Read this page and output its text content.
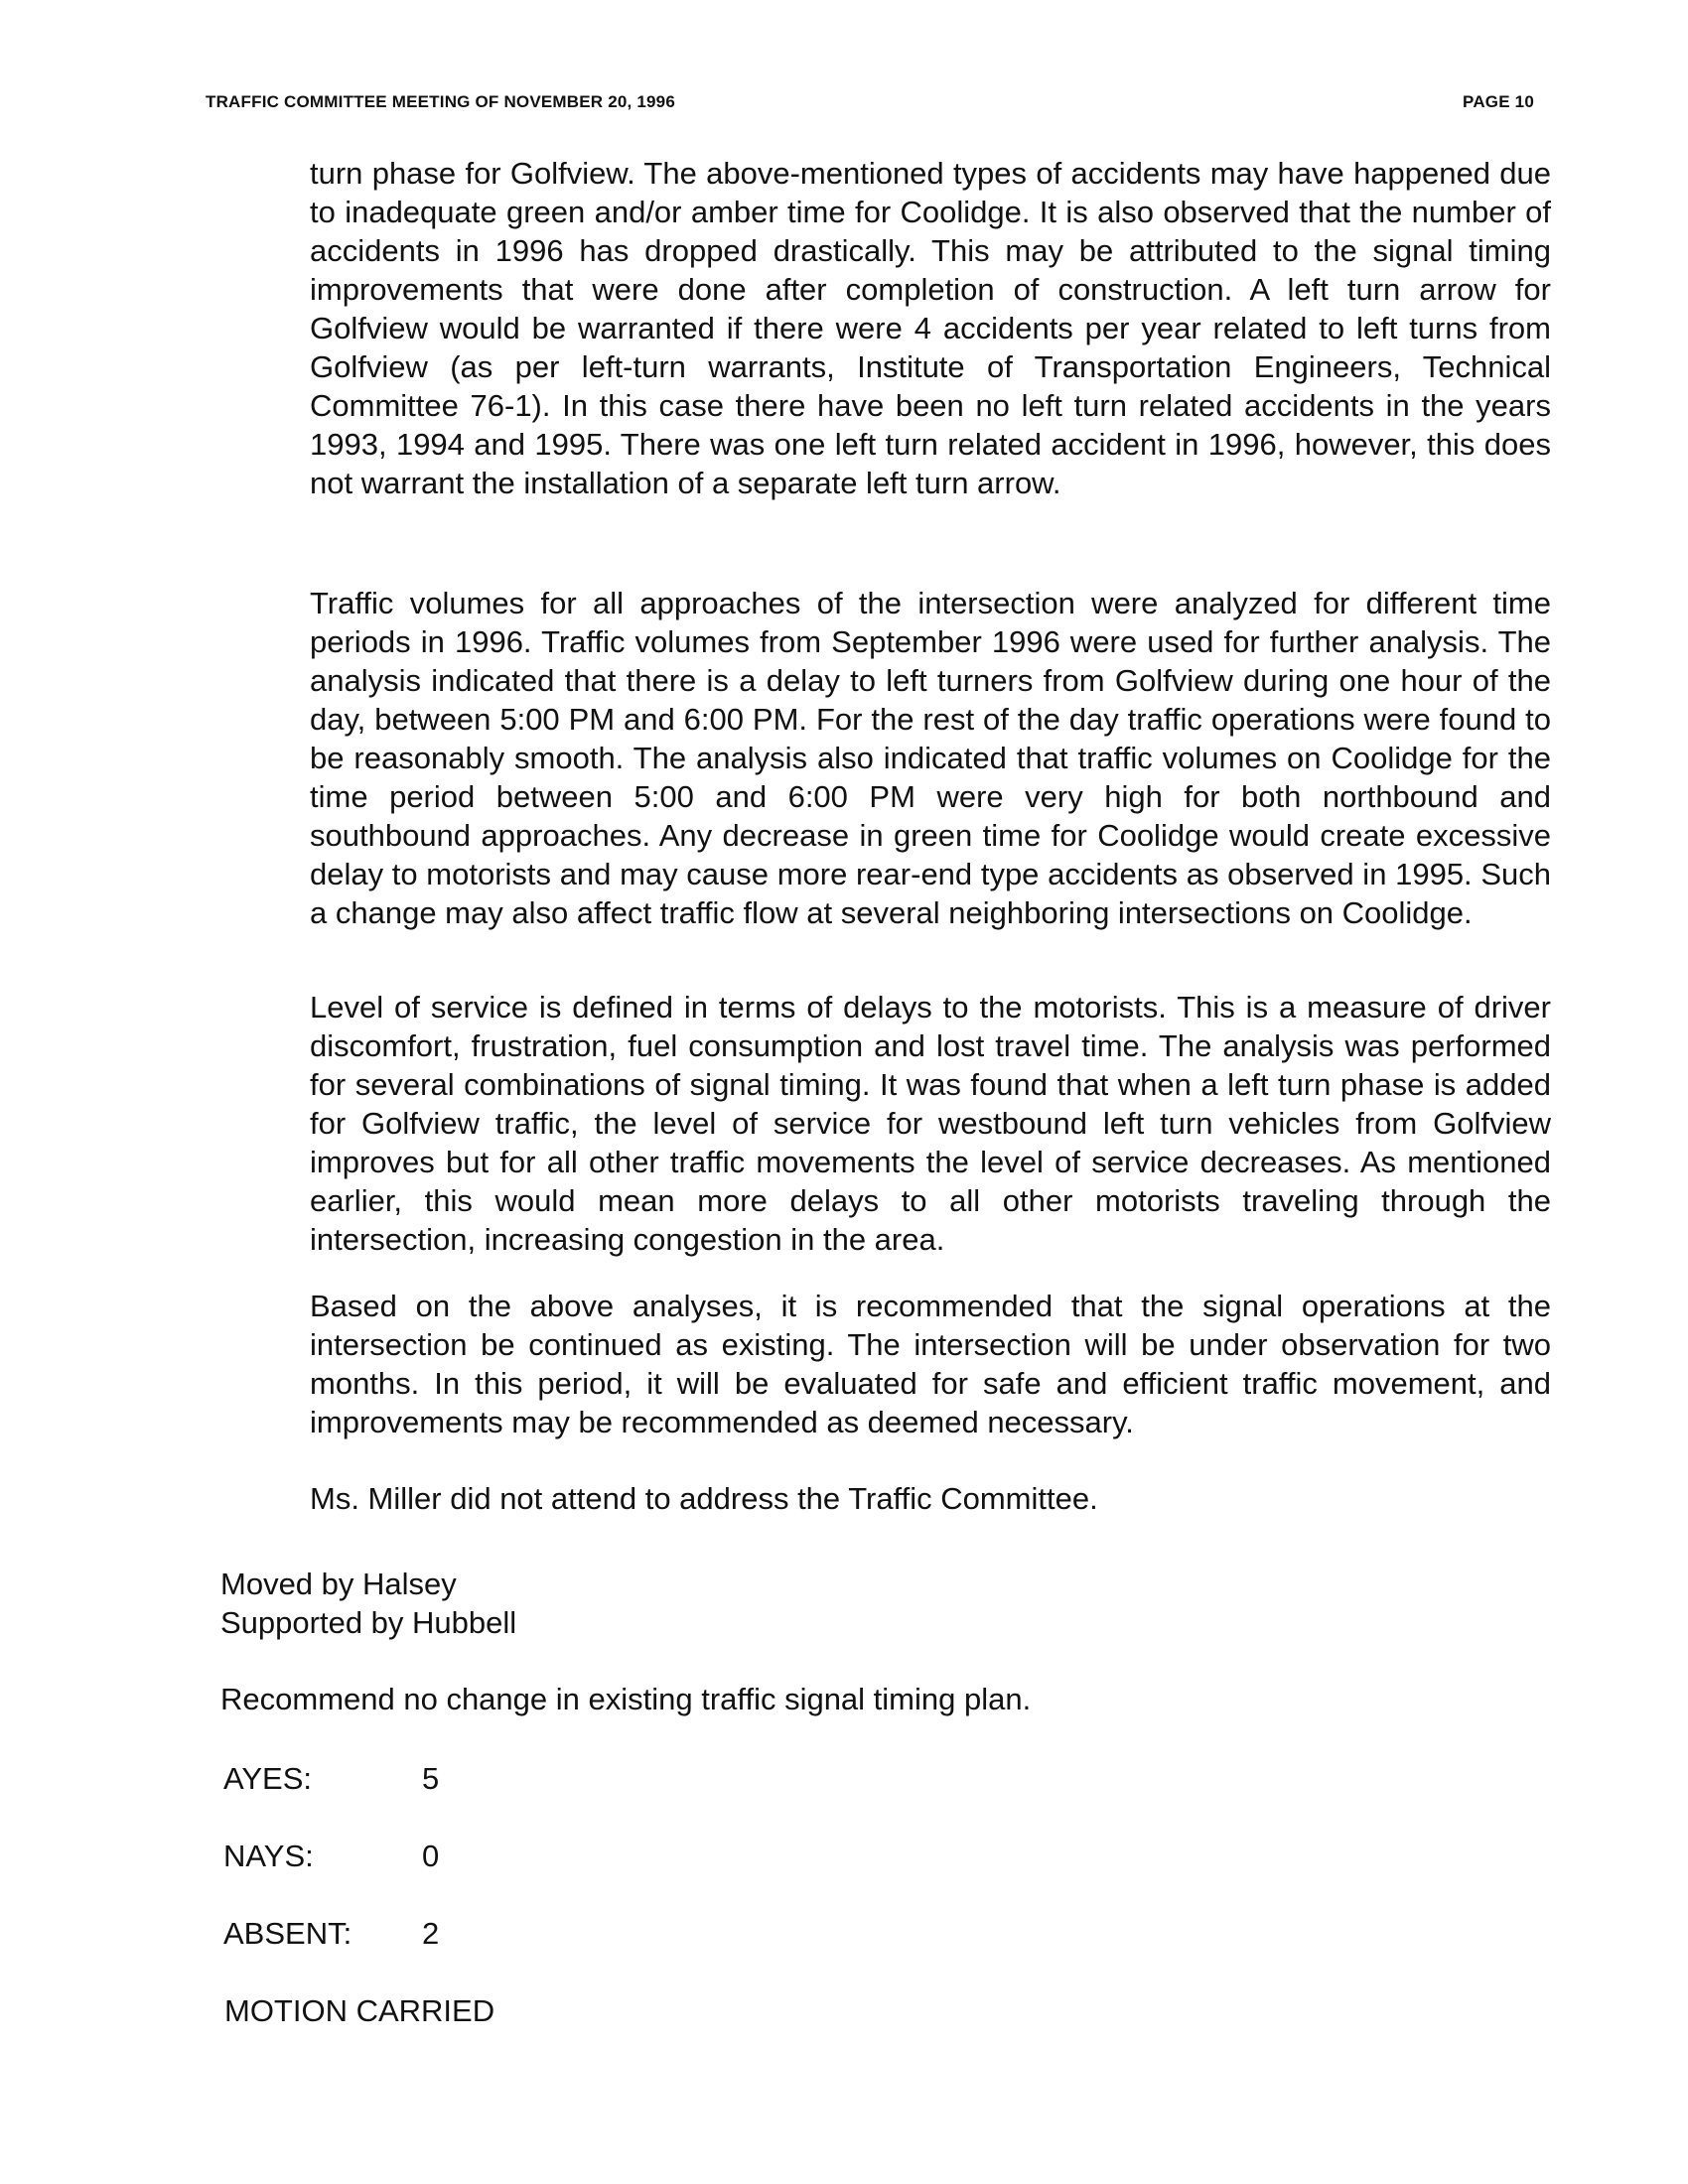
TRAFFIC COMMITTEE MEETING OF NOVEMBER 20, 1996	PAGE 10

turn phase for Golfview. The above-mentioned types of accidents may have happened due to inadequate green and/or amber time for Coolidge. It is also observed that the number of accidents in 1996 has dropped drastically. This may be attributed to the signal timing improvements that were done after completion of construction. A left turn arrow for Golfview would be warranted if there were 4 accidents per year related to left turns from Golfview (as per left-turn warrants, Institute of Transportation Engineers, Technical Committee 76-1). In this case there have been no left turn related accidents in the years 1993, 1994 and 1995. There was one left turn related accident in 1996, however, this does not warrant the installation of a separate left turn arrow.

Traffic volumes for all approaches of the intersection were analyzed for different time periods in 1996. Traffic volumes from September 1996 were used for further analysis. The analysis indicated that there is a delay to left turners from Golfview during one hour of the day, between 5:00 PM and 6:00 PM. For the rest of the day traffic operations were found to be reasonably smooth. The analysis also indicated that traffic volumes on Coolidge for the time period between 5:00 and 6:00 PM were very high for both northbound and southbound approaches. Any decrease in green time for Coolidge would create excessive delay to motorists and may cause more rear-end type accidents as observed in 1995. Such a change may also affect traffic flow at several neighboring intersections on Coolidge.

Level of service is defined in terms of delays to the motorists. This is a measure of driver discomfort, frustration, fuel consumption and lost travel time. The analysis was performed for several combinations of signal timing. It was found that when a left turn phase is added for Golfview traffic, the level of service for westbound left turn vehicles from Golfview improves but for all other traffic movements the level of service decreases. As mentioned earlier, this would mean more delays to all other motorists traveling through the intersection, increasing congestion in the area.

Based on the above analyses, it is recommended that the signal operations at the intersection be continued as existing. The intersection will be under observation for two months. In this period, it will be evaluated for safe and efficient traffic movement, and improvements may be recommended as deemed necessary.

Ms. Miller did not attend to address the Traffic Committee.

Moved by Halsey

Supported by Hubbell

Recommend no change in existing traffic signal timing plan.

AYES:	5
NAYS:	0
ABSENT: 2
MOTION CARRIED
